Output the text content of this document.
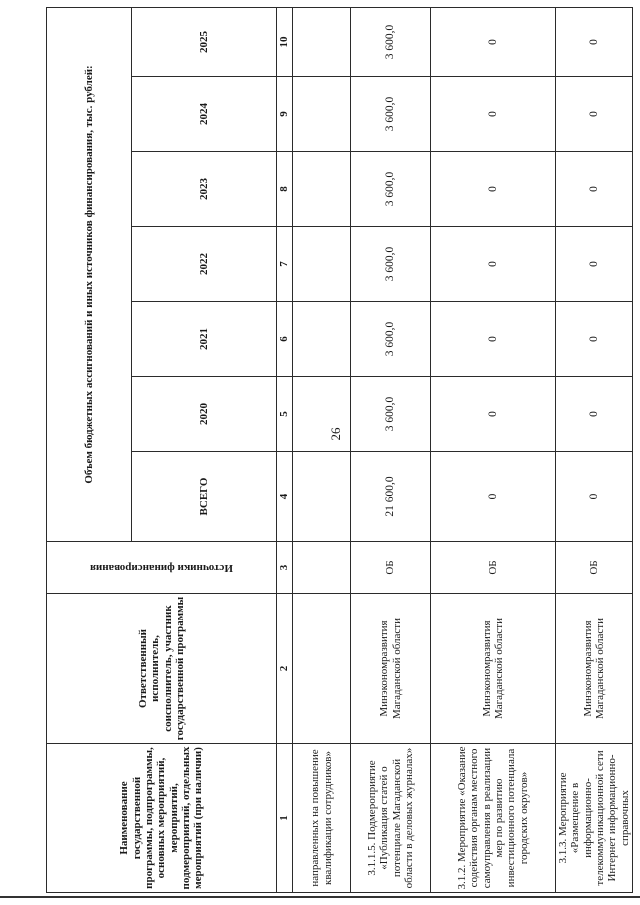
26
Наименование государственной программы, подпрограммы, основных мероприятий, мероприятий, подмероприятий, отдельных мероприятий (при наличии)	Ответственный исполнитель, соисполнитель, участник государственной программы	Источники финансирования	Объем бюджетных ассигнований и иных источников финансирования, тыс. рублей:						
			ВСЕГО	2020	2021	2022	2023	2024	2025
1	2	3	4	5	6	7	8	9	10
направленных на повышение квалификации сотрудников»									
3.1.1.5. Подмероприятие «Публикация статей о потенциале Магаданской области в деловых журналах»	Минэкономразвития Магаданской области	ОБ	21 600,0	3 600,0	3 600,0	3 600,0	3 600,0	3 600,0	3 600,0
3.1.2. Мероприятие «Оказание содействия органам местного самоуправления в реализации мер по развитию инвестиционного потенциала городских округов»	Минэкономразвития Магаданской области	ОБ	0	0	0	0	0	0	0
3.1.3. Мероприятие «Размещение в информационно-телекоммуникационной сети Интернет информационно-справочных	Минэкономразвития Магаданской области	ОБ	0	0	0	0	0	0	0
